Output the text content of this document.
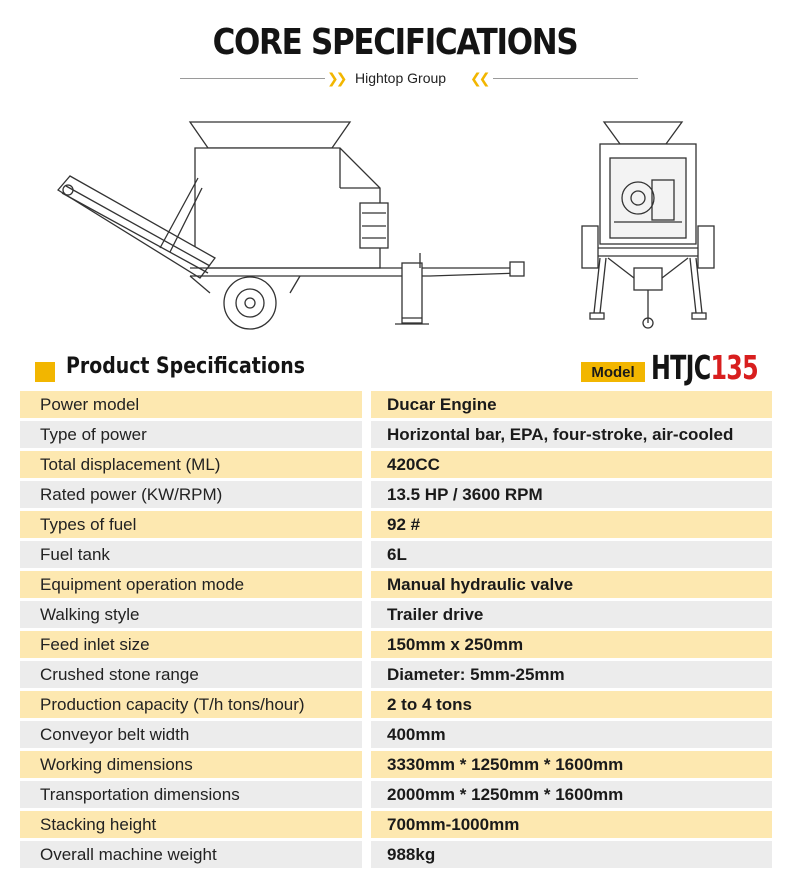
CORE SPECIFICATIONS
❯❯ Hightop Group ❮❮
Product Specifications	Model HTJC135
Power model	Ducar Engine
Type of power	Horizontal bar, EPA, four-stroke, air-cooled
Total displacement (ML)	420CC
Rated power (KW/RPM)	13.5 HP / 3600 RPM
Types of fuel	92 #
Fuel tank	6L
Equipment operation mode	Manual hydraulic valve
Walking style	Trailer drive
Feed inlet size	150mm x 250mm
Crushed stone range	Diameter: 5mm-25mm
Production capacity (T/h tons/hour)	2 to 4 tons
Conveyor belt width	400mm
Working dimensions	3330mm * 1250mm * 1600mm
Transportation dimensions	2000mm * 1250mm * 1600mm
Stacking height	700mm-1000mm
Overall machine weight	988kg
